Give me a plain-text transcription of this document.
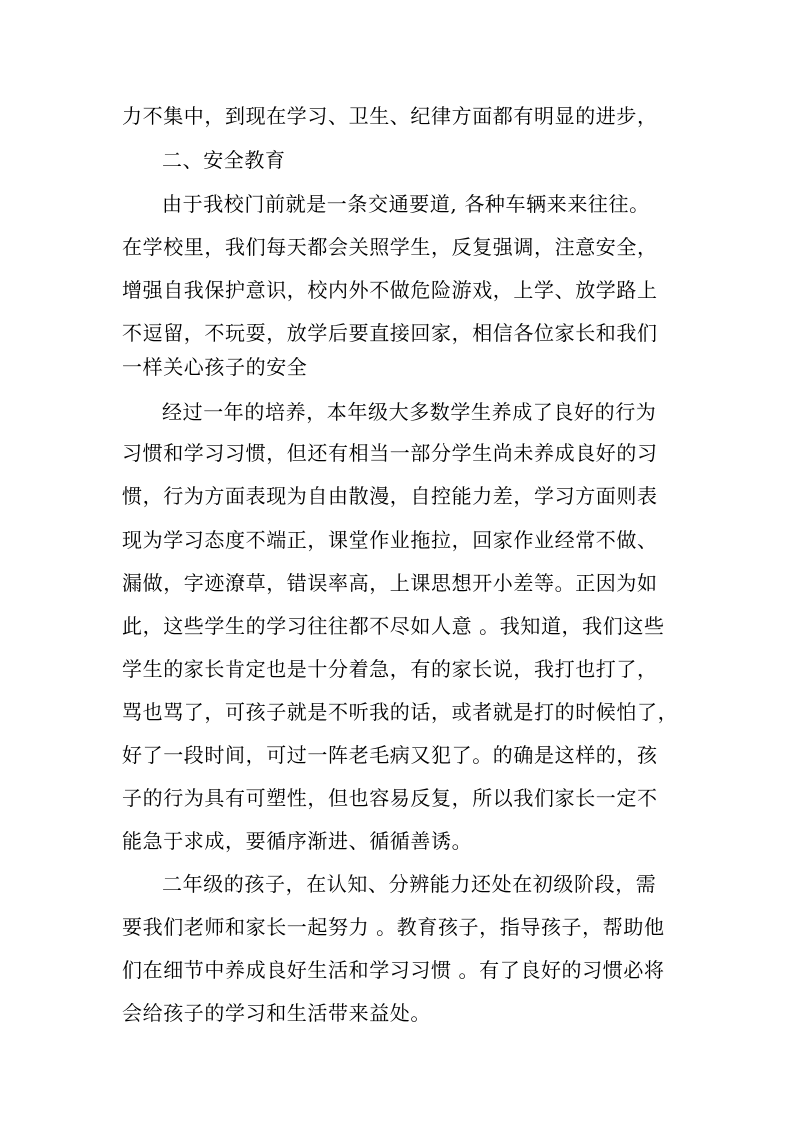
力不集中，到现在学习、卫生、纪律方面都有明显的进步，
二、安全教育
由于我校门前就是一条交通要道, 各种车辆来来往往。
在学校里，我们每天都会关照学生，反复强调，注意安全，
增强自我保护意识，校内外不做危险游戏，上学、放学路上
不逗留，不玩耍，放学后要直接回家，相信各位家长和我们
一样关心孩子的安全
经过一年的培养，本年级大多数学生养成了良好的行为
习惯和学习习惯，但还有相当一部分学生尚未养成良好的习
惯，行为方面表现为自由散漫，自控能力差，学习方面则表
现为学习态度不端正，课堂作业拖拉，回家作业经常不做、
漏做，字迹潦草，错误率高，上课思想开小差等。正因为如
此，这些学生的学习往往都不尽如人意 。我知道，我们这些
学生的家长肯定也是十分着急，有的家长说，我打也打了，
骂也骂了，可孩子就是不听我的话，或者就是打的时候怕了，
好了一段时间，可过一阵老毛病又犯了。的确是这样的，孩
子的行为具有可塑性，但也容易反复，所以我们家长一定不
能急于求成，要循序渐进、循循善诱。
二年级的孩子，在认知、分辨能力还处在初级阶段，需
要我们老师和家长一起努力 。教育孩子，指导孩子，帮助他
们在细节中养成良好生活和学习习惯 。有了良好的习惯必将
会给孩子的学习和生活带来益处。
